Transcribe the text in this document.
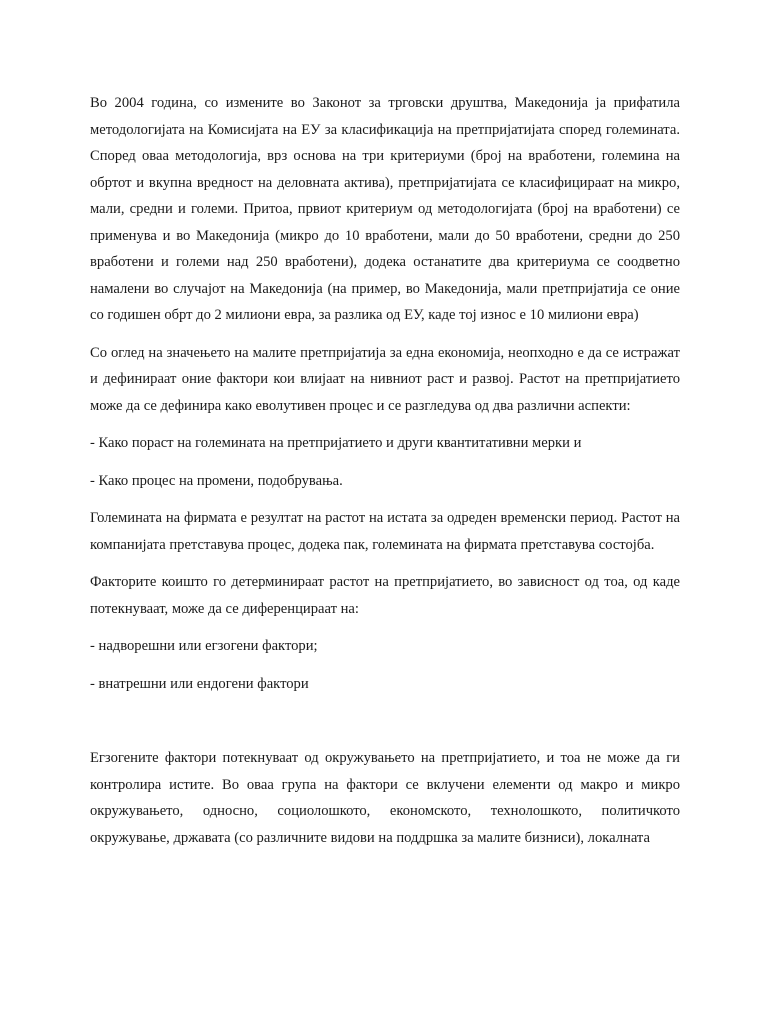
Во 2004 година, со измените во Законот за трговски друштва, Македонија ја прифатила методологијата на Комисијата на ЕУ за класификација на претпријатијата според големината. Според оваа методологија, врз основа на три критериуми (број на вработени, големина на обртот и вкупна вредност на деловната актива), претпријатијата се класифицираат на микро, мали, средни и големи. Притоа, првиот критериум од методологијата (број на вработени) се применува и во Македонија (микро до 10 вработени, мали до 50 вработени, средни до 250 вработени и големи над 250 вработени), додека останатите два критериума се соодветно намалени во случајот на Македонија (на пример, во Македонија, мали претпријатија се оние со годишен обрт до 2 милиони евра, за разлика од ЕУ, каде тој износ е 10 милиони евра)

Со оглед на значењето на малите претпријатија за една економија, неопходно е да се истражат и дефинираат оние фактори кои влијаат на нивниот раст и развој. Растот на претпријатието може да се дефинира како еволутивен процес и се разгледува од два различни аспекти:

- Како пораст на големината на претпријатието и други квантитативни мерки и

- Како процес на промени, подобрувања.

Големината на фирмата е резултат на растот на истата за одреден временски период. Растот на компанијата претставува процес, додека пак, големината на фирмата претставува состојба.

Факторите коишто го детерминираат растот на претпријатието, во зависност од тоа, од каде потекнуваат, може да се диференцираат на:

- надворешни или егзогени фактори;

- внатрешни или ендогени фактори

Егзогените фактори потекнуваат од окружувањето на претпријатието, и тоа не може да ги контролира истите. Во оваа група на фактори се вклучени елементи од макро и микро окружувањето, односно, социолошкото, економското, технолошкото, политичкото окружување, државата (со различните видови на поддршка за малите бизниси), локалната
